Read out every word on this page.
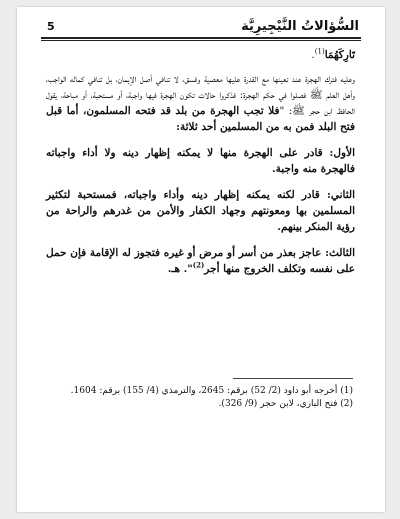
السُّؤالاتُ النَّيْجِيرِيَّة
5

تَارِكَهُمَا$^{(1)}$.

وعليه فترك الهجرة عند تعينها مع القدرة عليها معصية وفسق، لا تنافي أصل الإيمان، بل تنافي كماله الواجب، وأهل العلم ﷺ فصلوا في حكم الهجرة: فذكروا حالات تكون الهجرة فيها واجبة، أو مستحبة، أو مباحة، يقول الحافظ ابن حجر ﷺ: "فلا تجب الهجرة من بلد قد فتحه المسلمون، أما قبل فتح البلد فمن به من المسلمين أحد ثلاثة:

الأول: قادر على الهجرة منها لا يمكنه إظهار دينه ولا أداء واجباته فالهجرة منه واجبة.

الثاني: قادر لكنه يمكنه إظهار دينه وأداء واجباته، فمستحبة لتكثير المسلمين بها ومعونتهم وجهاد الكفار والأمن من غدرهم والراحة من رؤية المنكر بينهم.

الثالث: عاجز بعذر من أسر أو مرض أو غيره فتجوز له الإقامة فإن حمل على نفسه وتكلف الخروج منها أجر$^{(2)}$". هـ.

(1) أخرجه أبو داود (2/ 52) برقم: 2645، والترمذي (4/ 155) برقم: 1604.

(2) فتح الباري، لابن حجر (9/ 326).
